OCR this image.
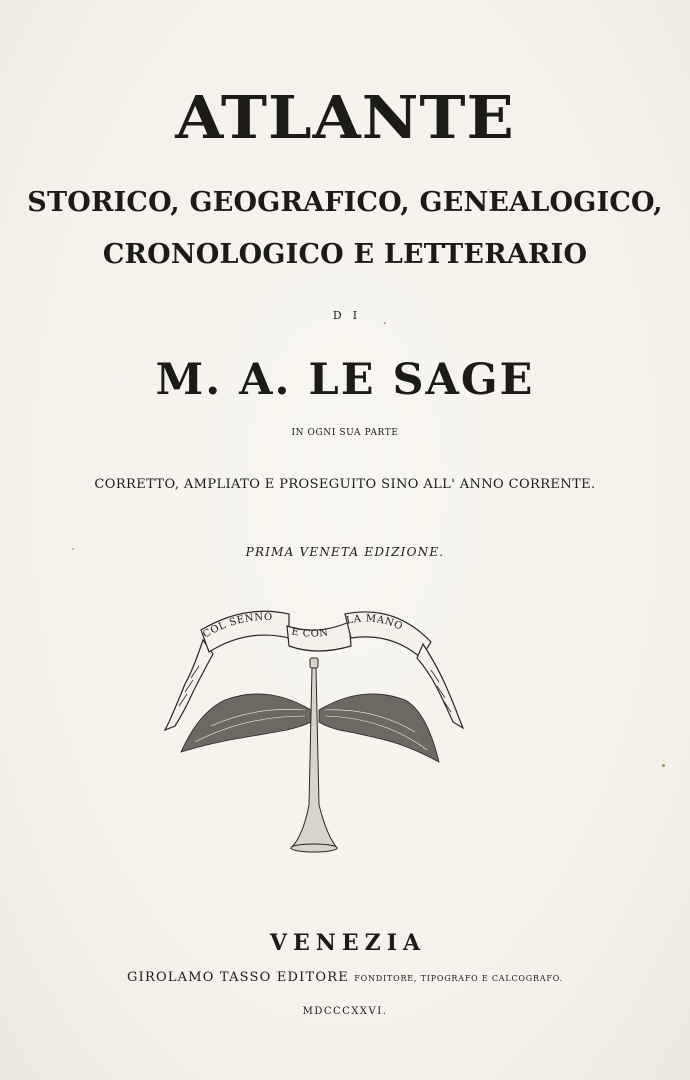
ATLANTE
STORICO, GEOGRAFICO, GENEALOGICO,
CRONOLOGICO E LETTERARIO
DI
M. A. LE SAGE
IN OGNI SUA PARTE
CORRETTO, AMPLIATO E PROSEGUITO SINO ALL' ANNO CORRENTE.
PRIMA VENETA EDIZIONE.
COL SENNO
E CON
LA MANO
VENEZIA
GIROLAMO TASSO EDITORE FONDITORE, TIPOGRAFO E CALCOGRAFO.
MDCCCXXVI.
